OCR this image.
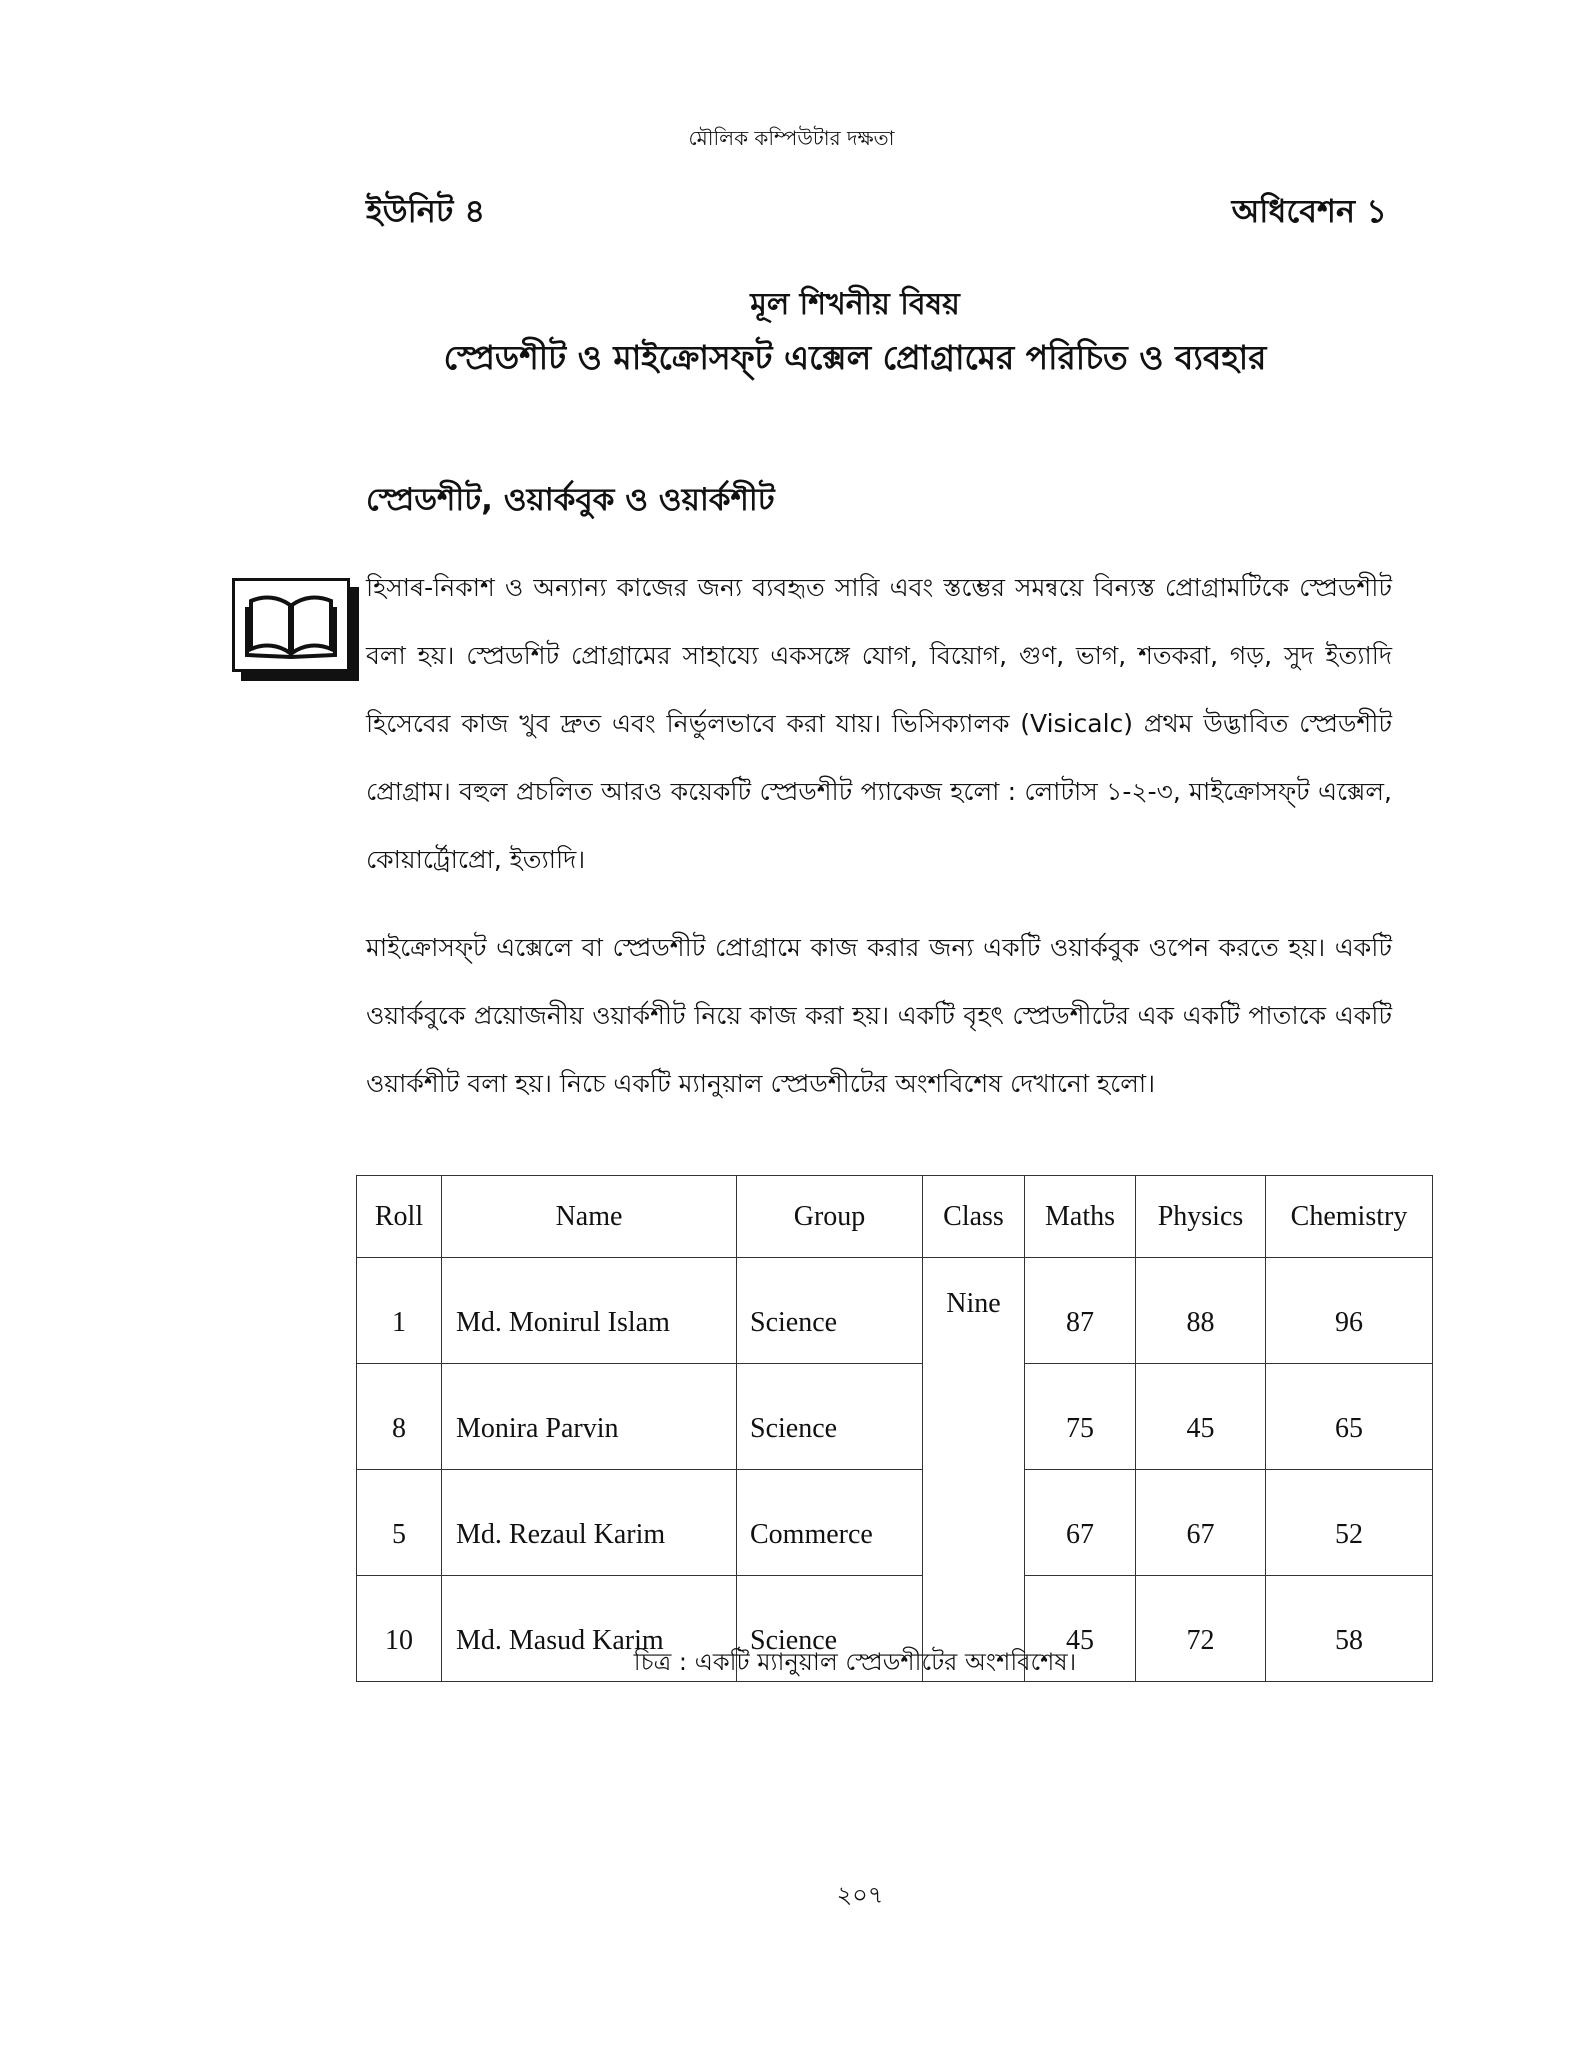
মৌলিক কম্পিউটার দক্ষতা
ইউনিট ৪	অধিবেশন ১
মূল শিখনীয় বিষয়
স্প্রেডশীট ও মাইক্রোসফ্‌ট এক্সেল প্রোগ্রামের পরিচিত ও ব্যবহার
স্প্রেডশীট, ওয়ার্কবুক ও ওয়ার্কশীট
হিসাৰ-নিকাশ ও অন্যান্য কাজের জন্য ব্যবহৃত সারি এবং স্তম্ভের সমন্বয়ে বিন্যস্ত প্রোগ্রামটিকে স্প্রেডশীট বলা হয়। স্প্রেডশিট প্রোগ্রামের সাহায্যে একসঙ্গে যোগ, বিয়োগ, গুণ, ভাগ, শতকরা, গড়, সুদ ইত্যাদি হিসেবের কাজ খুব দ্রুত এবং নির্ভুলভাবে করা যায়। ভিসিক্যালক (Visicalc) প্রথম উদ্ভাবিত স্প্রেডশীট প্রোগ্রাম। বহুল প্রচলিত আরও কয়েকটি স্প্রেডশীট প্যাকেজ হলো : লোটাস ১-২-৩, মাইক্রোসফ্‌ট এক্সেল, কোয়ার্ট্রোপ্রো, ইত্যাদি।
মাইক্রোসফ্‌ট এক্সেলে বা স্প্রেডশীট প্রোগ্রামে কাজ করার জন্য একটি ওয়ার্কবুক ওপেন করতে হয়। একটি ওয়ার্কবুকে প্রয়োজনীয় ওয়ার্কশীট নিয়ে কাজ করা হয়। একটি বৃহৎ স্প্রেডশীটের এক একটি পাতাকে একটি ওয়ার্কশীট বলা হয়। নিচে একটি ম্যানুয়াল স্প্রেডশীটের অংশবিশেষ দেখানো হলো।
Roll	Name	Group	Class	Maths	Physics	Chemistry
1	Md. Monirul Islam	Science	Nine	87	88	96
8	Monira Parvin	Science		75	45	65
5	Md. Rezaul Karim	Commerce		67	67	52
10	Md. Masud Karim	Science		45	72	58
চিত্র : একটি ম্যানুয়াল স্প্রেডশীটের অংশবিশেষ।
২০৭
